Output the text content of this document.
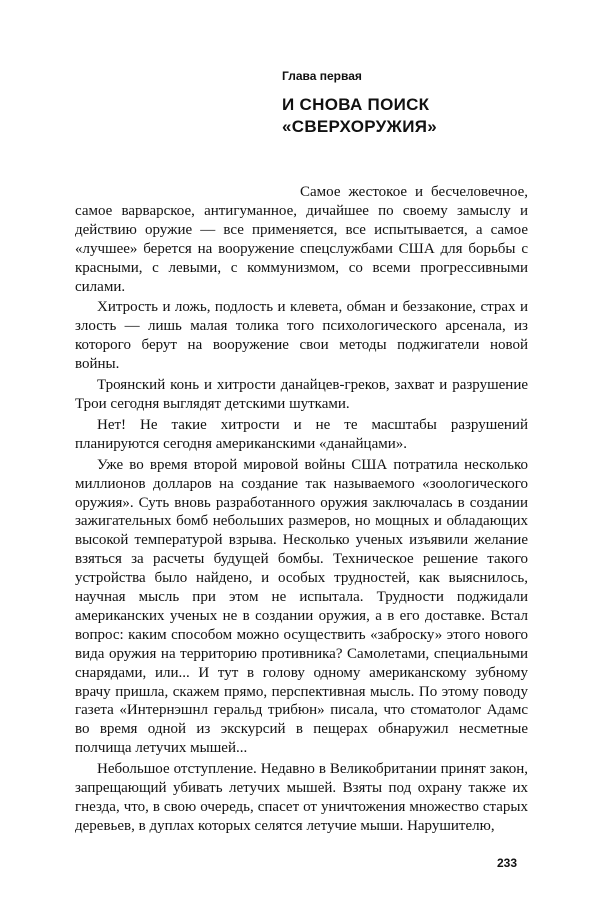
Глава первая
И СНОВА ПОИСК
«СВЕРХОРУЖИЯ»

Самое жестокое и бесчеловечное, самое варварское, антигуманное, дичайшее по своему замыслу и действию оружие — все применяется, все испытывается, а самое «лучшее» берется на вооружение спецслужбами США для борьбы с красными, с левыми, с коммунизмом, со всеми прогрессивными силами.

Хитрость и ложь, подлость и клевета, обман и беззаконие, страх и злость — лишь малая толика того психологического арсенала, из которого берут на вооружение свои методы поджигатели новой войны.

Троянский конь и хитрости данайцев-греков, захват и разрушение Трои сегодня выглядят детскими шутками.

Нет! Не такие хитрости и не те масштабы разрушений планируются сегодня американскими «данайцами».

Уже во время второй мировой войны США потратила несколько миллионов долларов на создание так называемого «зоологического оружия». Суть вновь разработанного оружия заключалась в создании зажигательных бомб небольших размеров, но мощных и обладающих высокой температурой взрыва. Несколько ученых изъявили желание взяться за расчеты будущей бомбы. Техническое решение такого устройства было найдено, и особых трудностей, как выяснилось, научная мысль при этом не испытала. Трудности поджидали американских ученых не в создании оружия, а в его доставке. Встал вопрос: каким способом можно осуществить «заброску» этого нового вида оружия на территорию противника? Самолетами, специальными снарядами, или... И тут в голову одному американскому зубному врачу пришла, скажем прямо, перспективная мысль. По этому поводу газета «Интернэшнл геральд трибюн» писала, что стоматолог Адамс во время одной из экскурсий в пещерах обнаружил несметные полчища летучих мышей...

Небольшое отступление. Недавно в Великобритании принят закон, запрещающий убивать летучих мышей. Взяты под охрану также их гнезда, что, в свою очередь, спасет от уничтожения множество старых деревьев, в дуплах которых селятся летучие мыши. Нарушителю,

233
